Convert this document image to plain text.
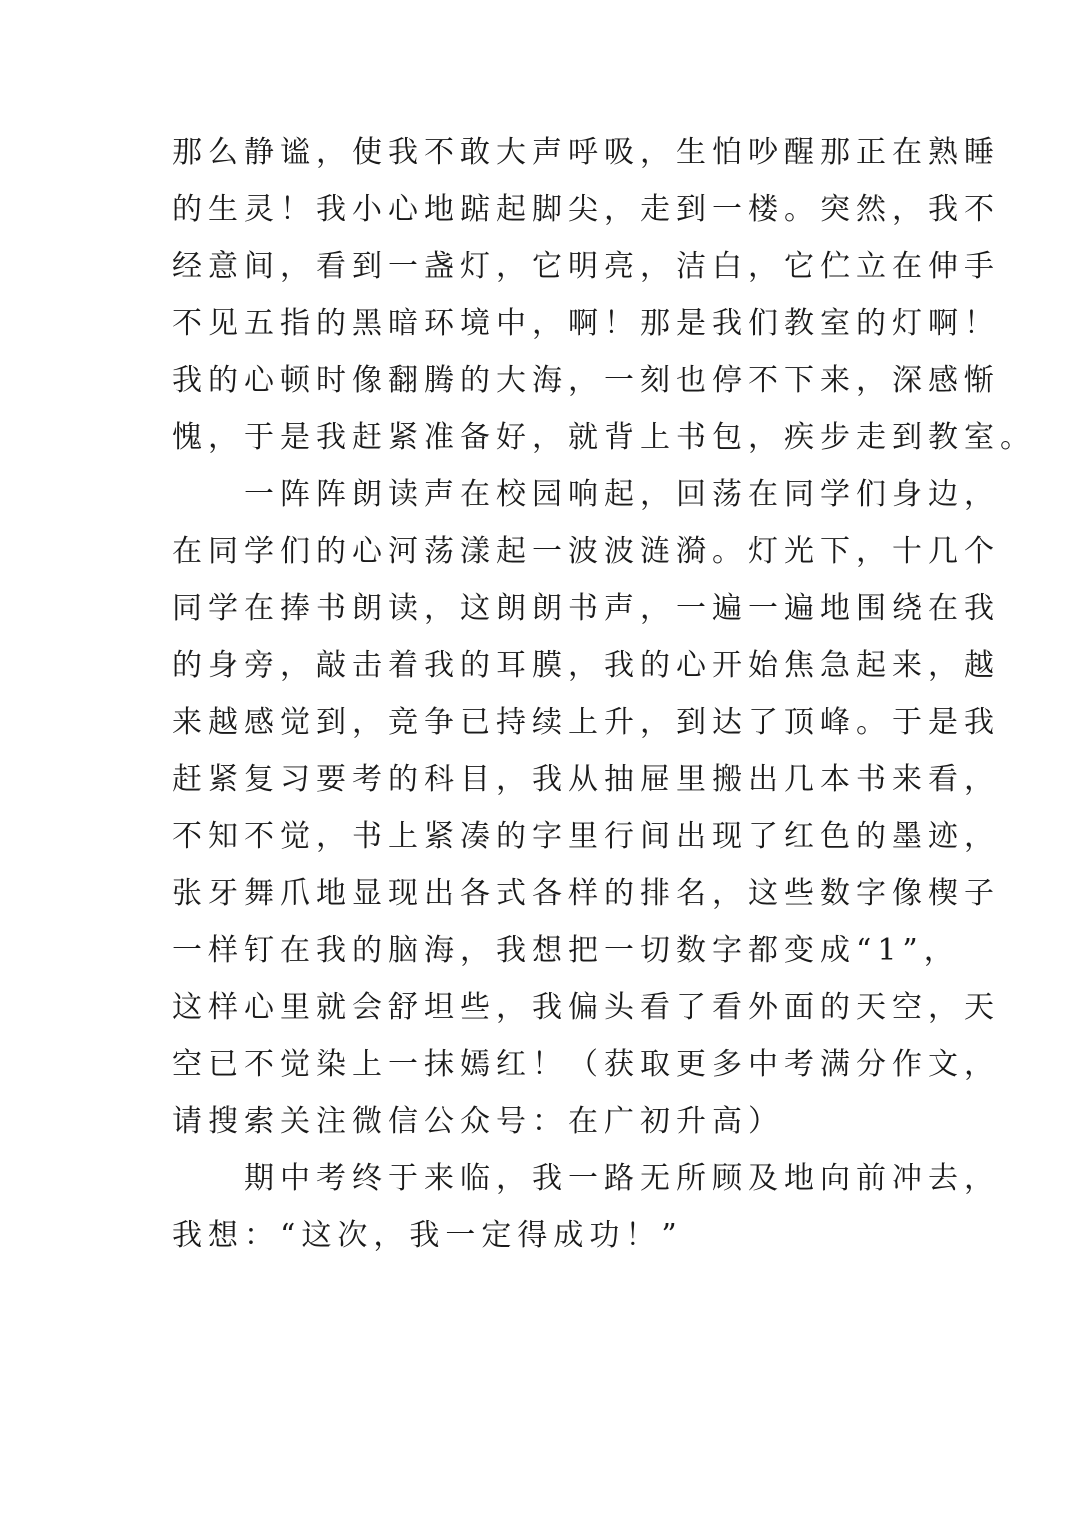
那么静谧，使我不敢大声呼吸，生怕吵醒那正在熟睡
的生灵！我小心地踮起脚尖，走到一楼。突然，我不
经意间，看到一盏灯，它明亮，洁白，它伫立在伸手
不见五指的黑暗环境中，啊！那是我们教室的灯啊！
我的心顿时像翻腾的大海，一刻也停不下来，深感惭
愧，于是我赶紧准备好，就背上书包，疾步走到教室。
　　一阵阵朗读声在校园响起，回荡在同学们身边，
在同学们的心河荡漾起一波波涟漪。灯光下，十几个
同学在捧书朗读，这朗朗书声，一遍一遍地围绕在我
的身旁，敲击着我的耳膜，我的心开始焦急起来，越
来越感觉到，竞争已持续上升，到达了顶峰。于是我
赶紧复习要考的科目，我从抽屉里搬出几本书来看，
不知不觉，书上紧凑的字里行间出现了红色的墨迹，
张牙舞爪地显现出各式各样的排名，这些数字像楔子
一样钉在我的脑海，我想把一切数字都变成“1”，
这样心里就会舒坦些，我偏头看了看外面的天空，天
空已不觉染上一抹嫣红！（获取更多中考满分作文，
请搜索关注微信公众号：在广初升高）
　　期中考终于来临，我一路无所顾及地向前冲去，
我想：“这次，我一定得成功！”
